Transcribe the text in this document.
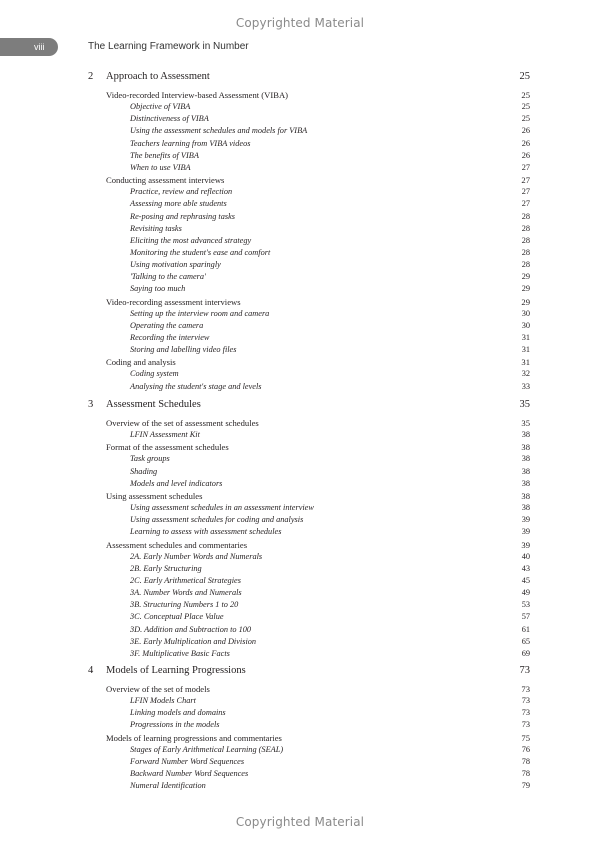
Copyrighted Material
viii	The Learning Framework in Number
2 Approach to Assessment	25
Video-recorded Interview-based Assessment (VIBA)	25
Objective of VIBA	25
Distinctiveness of VIBA	25
Using the assessment schedules and models for VIBA	26
Teachers learning from VIBA videos	26
The benefits of VIBA	26
When to use VIBA	27
Conducting assessment interviews	27
Practice, review and reflection	27
Assessing more able students	27
Re-posing and rephrasing tasks	28
Revisiting tasks	28
Eliciting the most advanced strategy	28
Monitoring the student's ease and comfort	28
Using motivation sparingly	28
'Talking to the camera'	29
Saying too much	29
Video-recording assessment interviews	29
Setting up the interview room and camera	30
Operating the camera	30
Recording the interview	31
Storing and labelling video files	31
Coding and analysis	31
Coding system	32
Analysing the student's stage and levels	33
3 Assessment Schedules	35
Overview of the set of assessment schedules	35
LFIN Assessment Kit	38
Format of the assessment schedules	38
Task groups	38
Shading	38
Models and level indicators	38
Using assessment schedules	38
Using assessment schedules in an assessment interview	38
Using assessment schedules for coding and analysis	39
Learning to assess with assessment schedules	39
Assessment schedules and commentaries	39
2A. Early Number Words and Numerals	40
2B. Early Structuring	43
2C. Early Arithmetical Strategies	45
3A. Number Words and Numerals	49
3B. Structuring Numbers 1 to 20	53
3C. Conceptual Place Value	57
3D. Addition and Subtraction to 100	61
3E. Early Multiplication and Division	65
3F. Multiplicative Basic Facts	69
4 Models of Learning Progressions	73
Overview of the set of models	73
LFIN Models Chart	73
Linking models and domains	73
Progressions in the models	73
Models of learning progressions and commentaries	75
Stages of Early Arithmetical Learning (SEAL)	76
Forward Number Word Sequences	78
Backward Number Word Sequences	78
Numeral Identification	79
Copyrighted Material
